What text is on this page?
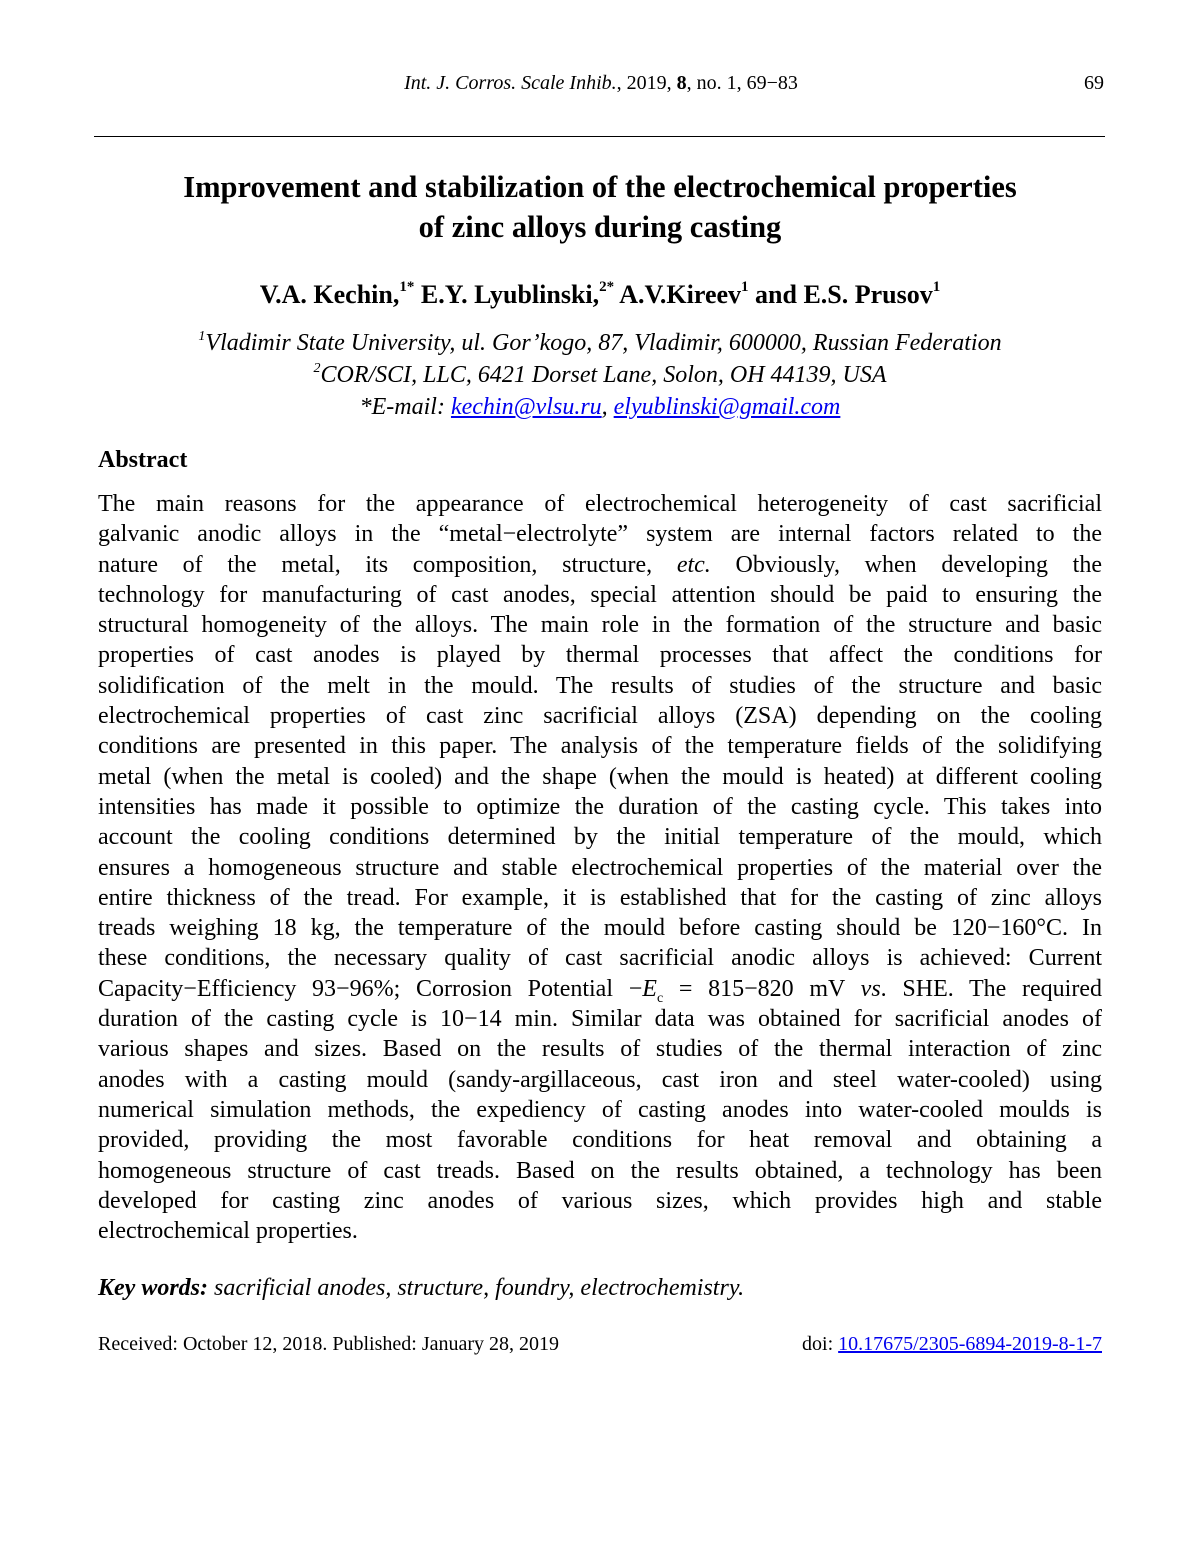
Int. J. Corros. Scale Inhib., 2019, 8, no. 1, 69−83	69
Improvement and stabilization of the electrochemical properties
of zinc alloys during casting
V.A. Kechin,$^{1*}$ E.Y. Lyublinski,$^{2*}$ A.V.Kireev$^1$ and E.S. Prusov$^1$
$^1$Vladimir State University, ul. Gor’kogo, 87, Vladimir, 600000, Russian Federation
$^2$COR/SCI, LLC, 6421 Dorset Lane, Solon, OH 44139, USA
*E-mail: kechin@vlsu.ru, elyublinski@gmail.com
Abstract
The main reasons for the appearance of electrochemical heterogeneity of cast sacrificial
galvanic anodic alloys in the “metal−electrolyte” system are internal factors related to the
nature of the metal, its composition, structure, etc. Obviously, when developing the
technology for manufacturing of cast anodes, special attention should be paid to ensuring the
structural homogeneity of the alloys. The main role in the formation of the structure and basic
properties of cast anodes is played by thermal processes that affect the conditions for
solidification of the melt in the mould. The results of studies of the structure and basic
electrochemical properties of cast zinc sacrificial alloys (ZSA) depending on the cooling
conditions are presented in this paper. The analysis of the temperature fields of the solidifying
metal (when the metal is cooled) and the shape (when the mould is heated) at different cooling
intensities has made it possible to optimize the duration of the casting cycle. This takes into
account the cooling conditions determined by the initial temperature of the mould, which
ensures a homogeneous structure and stable electrochemical properties of the material over the
entire thickness of the tread. For example, it is established that for the casting of zinc alloys
treads weighing 18 kg, the temperature of the mould before casting should be 120−160°C. In
these conditions, the necessary quality of cast sacrificial anodic alloys is achieved: Current
Capacity−Efficiency 93−96%; Corrosion Potential $-E_c = 815-820$ mV vs. SHE. The required
duration of the casting cycle is 10−14 min. Similar data was obtained for sacrificial anodes of
various shapes and sizes. Based on the results of studies of the thermal interaction of zinc
anodes with a casting mould (sandy-argillaceous, cast iron and steel water-cooled) using
numerical simulation methods, the expediency of casting anodes into water-cooled moulds is
provided, providing the most favorable conditions for heat removal and obtaining a
homogeneous structure of cast treads. Based on the results obtained, a technology has been
developed for casting zinc anodes of various sizes, which provides high and stable
electrochemical properties.
Key words: sacrificial anodes, structure, foundry, electrochemistry.
Received: October 12, 2018. Published: January 28, 2019	doi: 10.17675/2305-6894-2019-8-1-7
